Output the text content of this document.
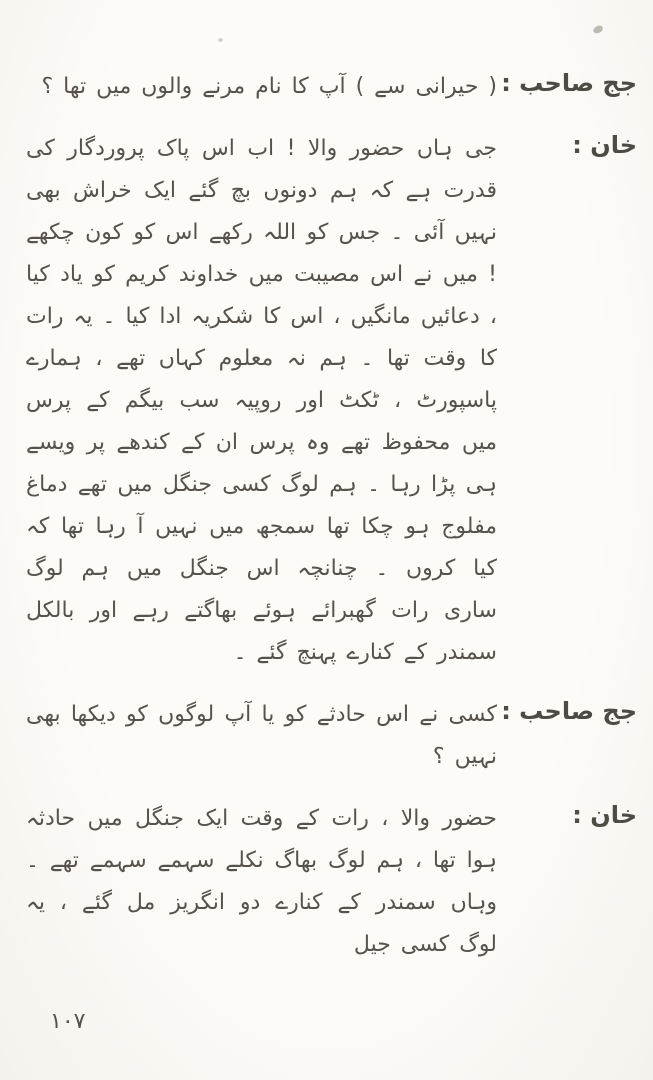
جج صاحب :
( حیرانی سے ) آپ کا نام مرنے والوں میں تھا ؟
خان :
جی ہاں حضور والا ! اب اس پاک پروردگار کی قدرت ہے کہ ہم دونوں بچ گئے ایک خراش بھی نہیں آئی ۔ جس کو اللہ رکھے اس کو کون چکھے ! میں نے اس مصیبت میں خداوند کریم کو یاد کیا ، دعائیں مانگیں ، اس کا شکریہ ادا کیا ۔ یہ رات کا وقت تھا ۔ ہم نہ معلوم کہاں تھے ، ہمارے پاسپورٹ ، ٹکٹ اور روپیہ سب بیگم کے پرس میں محفوظ تھے وہ پرس ان کے کندھے پر ویسے ہی پڑا رہا ۔ ہم لوگ کسی جنگل میں تھے دماغ مفلوج ہو چکا تھا سمجھ میں نہیں آ رہا تھا کہ کیا کروں ۔ چنانچہ اس جنگل میں ہم لوگ ساری رات گھبرائے ہوئے بھاگتے رہے اور بالکل سمندر کے کنارے پہنچ گئے ۔
جج صاحب :
کسی نے اس حادثے کو یا آپ لوگوں کو دیکھا بھی نہیں ؟
خان :
حضور والا ، رات کے وقت ایک جنگل میں حادثہ ہوا تھا ، ہم لوگ بھاگ نکلے سہمے سہمے تھے ۔ وہاں سمندر کے کنارے دو انگریز مل گئے ، یہ لوگ کسی جیل
۱۰۷
